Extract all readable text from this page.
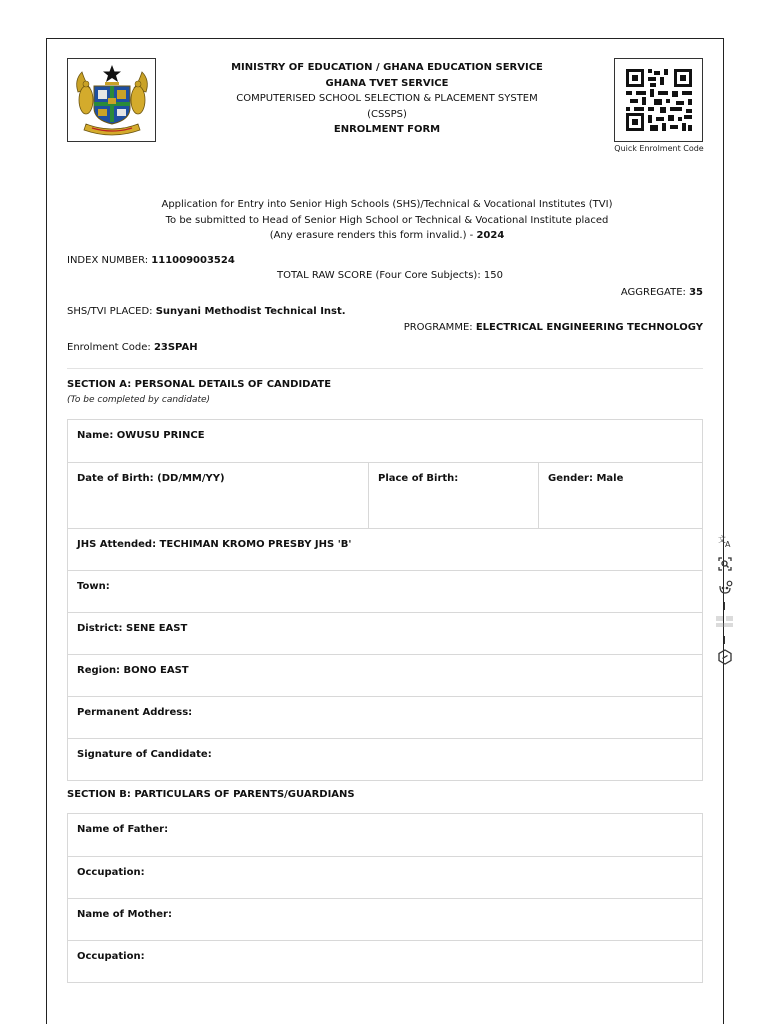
MINISTRY OF EDUCATION / GHANA EDUCATION SERVICE
GHANA TVET SERVICE
COMPUTERISED SCHOOL SELECTION & PLACEMENT SYSTEM
(CSSPS)
ENROLMENT FORM
Quick Enrolment Code
Application for Entry into Senior High Schools (SHS)/Technical & Vocational Institutes (TVI)
To be submitted to Head of Senior High School or Technical & Vocational Institute placed
(Any erasure renders this form invalid.) - 2024
INDEX NUMBER: 111009003524
TOTAL RAW SCORE (Four Core Subjects): 150
AGGREGATE: 35
SHS/TVI PLACED: Sunyani Methodist Technical Inst.
PROGRAMME: ELECTRICAL ENGINEERING TECHNOLOGY
Enrolment Code: 23SPAH
SECTION A: PERSONAL DETAILS OF CANDIDATE
(To be completed by candidate)
Name: OWUSU PRINCE
Date of Birth: (DD/MM/YY)	Place of Birth:	Gender: Male
JHS Attended: TECHIMAN KROMO PRESBY JHS 'B'
Town:
District: SENE EAST
Region: BONO EAST
Permanent Address:
Signature of Candidate:
SECTION B: PARTICULARS OF PARENTS/GUARDIANS
Name of Father:
Occupation:
Name of Mother:
Occupation:
文
A
